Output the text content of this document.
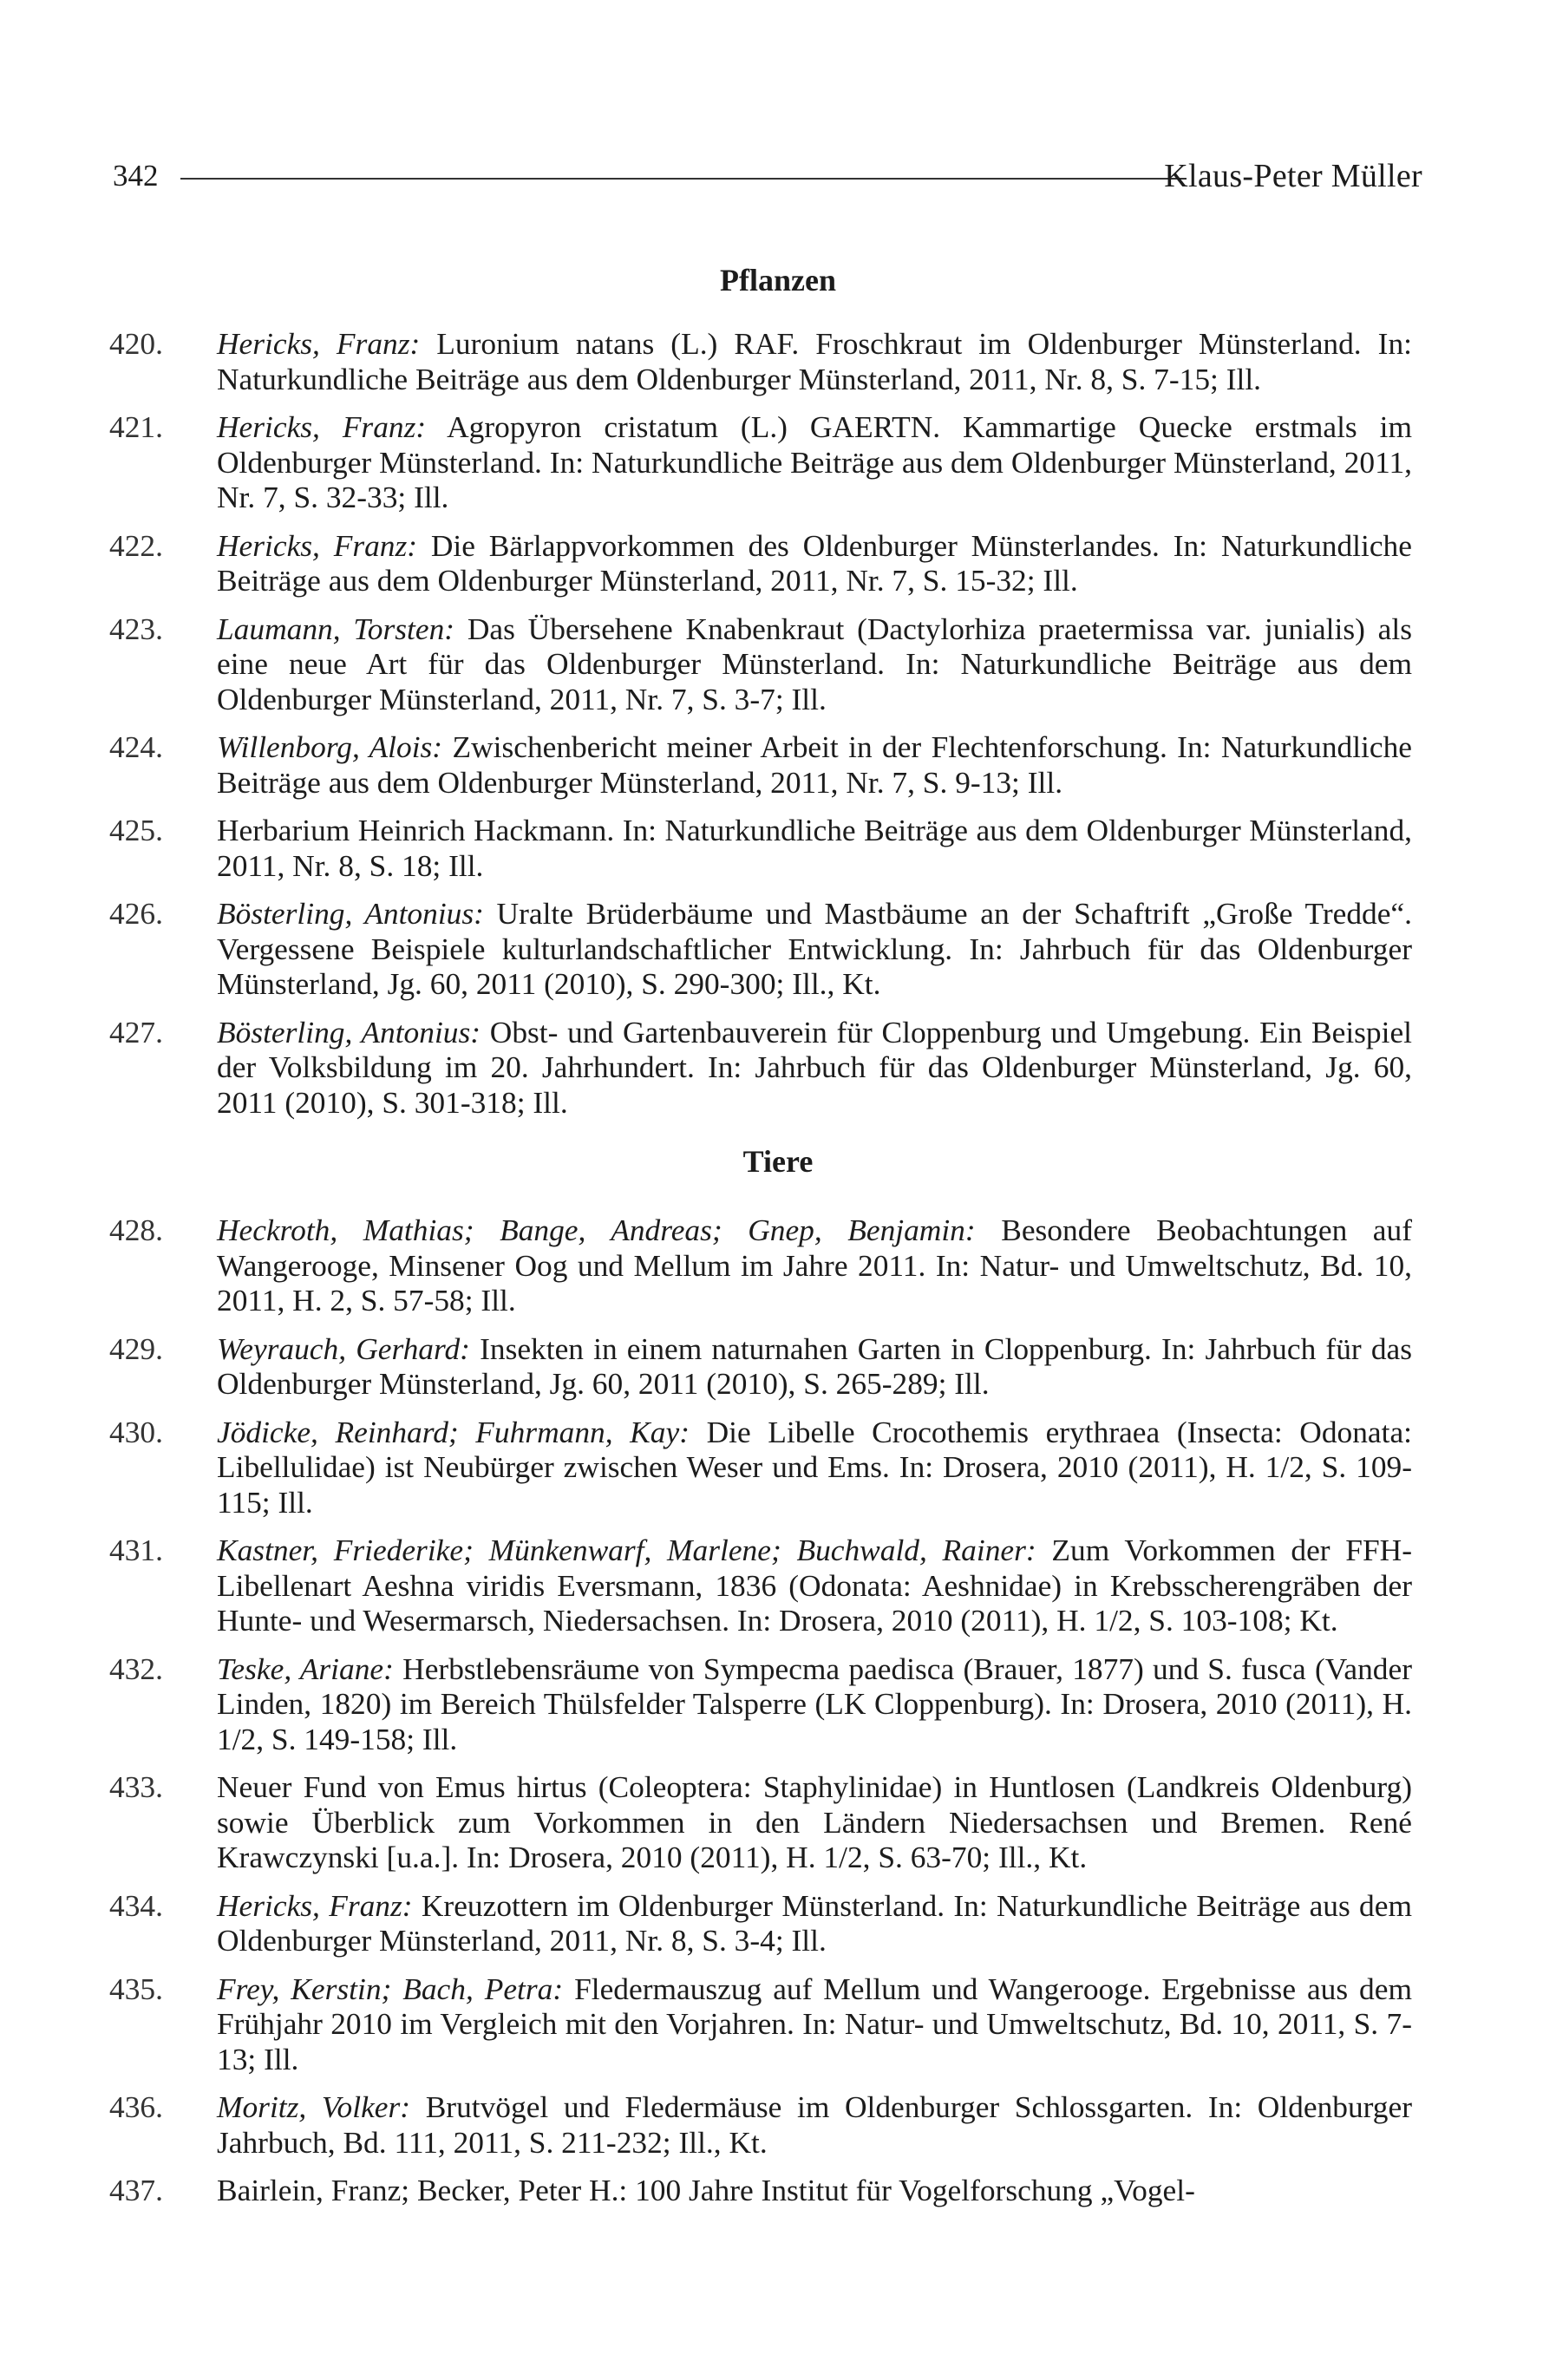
342	Klaus-Peter Müller
Pflanzen
420.	Hericks, Franz: Luronium natans (L.) RAF. Froschkraut im Oldenburger Münsterland. In: Naturkundliche Beiträge aus dem Oldenburger Münsterland, 2011, Nr. 8, S. 7-15; Ill.
421.	Hericks, Franz: Agropyron cristatum (L.) GAERTN. Kammartige Quecke erstmals im Oldenburger Münsterland. In: Naturkundliche Beiträge aus dem Oldenburger Münsterland, 2011, Nr. 7, S. 32-33; Ill.
422.	Hericks, Franz: Die Bärlappvorkommen des Oldenburger Münsterlandes. In: Naturkundliche Beiträge aus dem Oldenburger Münsterland, 2011, Nr. 7, S. 15-32; Ill.
423.	Laumann, Torsten: Das Übersehene Knabenkraut (Dactylorhiza praetermissa var. junialis) als eine neue Art für das Oldenburger Münsterland. In: Naturkundliche Beiträge aus dem Oldenburger Münsterland, 2011, Nr. 7, S. 3-7; Ill.
424.	Willenborg, Alois: Zwischenbericht meiner Arbeit in der Flechtenforschung. In: Naturkundliche Beiträge aus dem Oldenburger Münsterland, 2011, Nr. 7, S. 9-13; Ill.
425.	Herbarium Heinrich Hackmann. In: Naturkundliche Beiträge aus dem Oldenburger Münsterland, 2011, Nr. 8, S. 18; Ill.
426.	Bösterling, Antonius: Uralte Brüderbäume und Mastbäume an der Schaftrift „Große Tredde“. Vergessene Beispiele kulturlandschaftlicher Entwicklung. In: Jahrbuch für das Oldenburger Münsterland, Jg. 60, 2011 (2010), S. 290-300; Ill., Kt.
427.	Bösterling, Antonius: Obst- und Gartenbauverein für Cloppenburg und Umgebung. Ein Beispiel der Volksbildung im 20. Jahrhundert. In: Jahrbuch für das Oldenburger Münsterland, Jg. 60, 2011 (2010), S. 301-318; Ill.
Tiere
428.	Heckroth, Mathias; Bange, Andreas; Gnep, Benjamin: Besondere Beobachtungen auf Wangerooge, Minsener Oog und Mellum im Jahre 2011. In: Natur- und Umweltschutz, Bd. 10, 2011, H. 2, S. 57-58; Ill.
429.	Weyrauch, Gerhard: Insekten in einem naturnahen Garten in Cloppenburg. In: Jahrbuch für das Oldenburger Münsterland, Jg. 60, 2011 (2010), S. 265-289; Ill.
430.	Jödicke, Reinhard; Fuhrmann, Kay: Die Libelle Crocothemis erythraea (Insecta: Odonata: Libellulidae) ist Neubürger zwischen Weser und Ems. In: Drosera, 2010 (2011), H. 1/2, S. 109-115; Ill.
431.	Kastner, Friederike; Münkenwarf, Marlene; Buchwald, Rainer: Zum Vorkommen der FFH-Libellenart Aeshna viridis Eversmann, 1836 (Odonata: Aeshnidae) in Krebsscherengräben der Hunte- und Wesermarsch, Niedersachsen. In: Drosera, 2010 (2011), H. 1/2, S. 103-108; Kt.
432.	Teske, Ariane: Herbstlebensräume von Sympecma paedisca (Brauer, 1877) und S. fusca (Vander Linden, 1820) im Bereich Thülsfelder Talsperre (LK Cloppenburg). In: Drosera, 2010 (2011), H. 1/2, S. 149-158; Ill.
433.	Neuer Fund von Emus hirtus (Coleoptera: Staphylinidae) in Huntlosen (Landkreis Oldenburg) sowie Überblick zum Vorkommen in den Ländern Niedersachsen und Bremen. René Krawczynski [u.a.]. In: Drosera, 2010 (2011), H. 1/2, S. 63-70; Ill., Kt.
434.	Hericks, Franz: Kreuzottern im Oldenburger Münsterland. In: Naturkundliche Beiträge aus dem Oldenburger Münsterland, 2011, Nr. 8, S. 3-4; Ill.
435.	Frey, Kerstin; Bach, Petra: Fledermauszug auf Mellum und Wangerooge. Ergebnisse aus dem Frühjahr 2010 im Vergleich mit den Vorjahren. In: Natur- und Umweltschutz, Bd. 10, 2011, S. 7-13; Ill.
436.	Moritz, Volker: Brutvögel und Fledermäuse im Oldenburger Schlossgarten. In: Oldenburger Jahrbuch, Bd. 111, 2011, S. 211-232; Ill., Kt.
437.	Bairlein, Franz; Becker, Peter H.: 100 Jahre Institut für Vogelforschung „Vogel-
